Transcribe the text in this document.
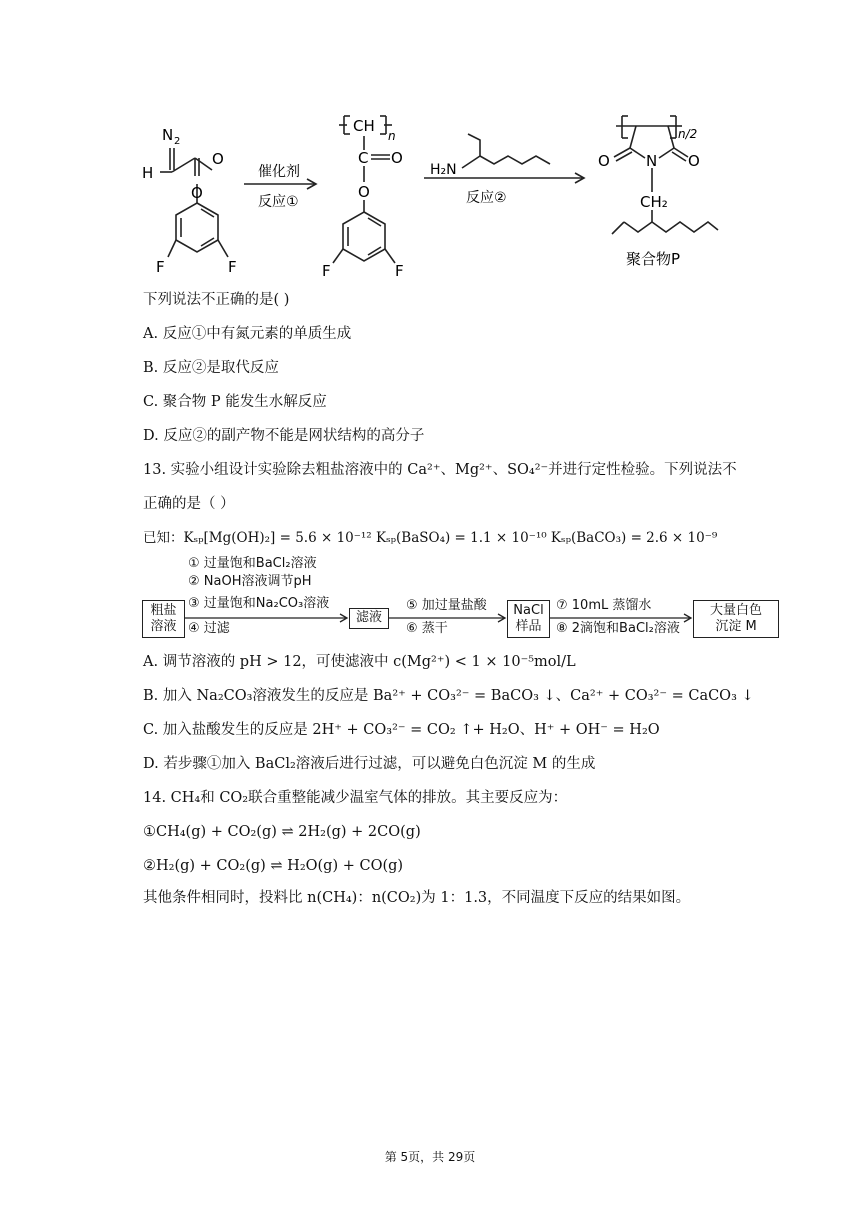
N 2
H
O
O
F	F
催化剂
反应①
CH
n
C O
O
F	F
H₂N
反应②
n/2
O N O
CH₂
聚合物P
下列说法不正确的是( )
A. 反应①中有氮元素的单质生成
B. 反应②是取代反应
C. 聚合物 P 能发生水解反应
D. 反应②的副产物不能是网状结构的高分子
13. 实验小组设计实验除去粗盐溶液中的 Ca²⁺、Mg²⁺、SO₄²⁻并进行定性检验。下列说法不
正确的是（ ）
已知：Kₛₚ[Mg(OH)₂] = 5.6 × 10⁻¹² Kₛₚ(BaSO₄) = 1.1 × 10⁻¹⁰ Kₛₚ(BaCO₃) = 2.6 × 10⁻⁹
① 过量饱和BaCl₂溶液
② NaOH溶液调节pH
③ 过量饱和Na₂CO₃溶液
④ 过滤
粗盐
溶液
滤液
⑤ 加过量盐酸
⑥ 蒸干
NaCl
样品
⑦ 10mL 蒸馏水
⑧ 2滴饱和BaCl₂溶液
大量白色
沉淀 M
A. 调节溶液的 pH > 12，可使滤液中 c(Mg²⁺) < 1 × 10⁻⁵mol/L
B. 加入 Na₂CO₃溶液发生的反应是 Ba²⁺ + CO₃²⁻ = BaCO₃ ↓、Ca²⁺ + CO₃²⁻ = CaCO₃ ↓
C. 加入盐酸发生的反应是 2H⁺ + CO₃²⁻ = CO₂ ↑+ H₂O、H⁺ + OH⁻ = H₂O
D. 若步骤①加入 BaCl₂溶液后进行过滤，可以避免白色沉淀 M 的生成
14. CH₄和 CO₂联合重整能减少温室气体的排放。其主要反应为：
①CH₄(g) + CO₂(g) ⇌ 2H₂(g) + 2CO(g)
②H₂(g) + CO₂(g) ⇌ H₂O(g) + CO(g)
其他条件相同时，投料比 n(CH₄)：n(CO₂)为 1：1.3，不同温度下反应的结果如图。
第 5页，共 29页
